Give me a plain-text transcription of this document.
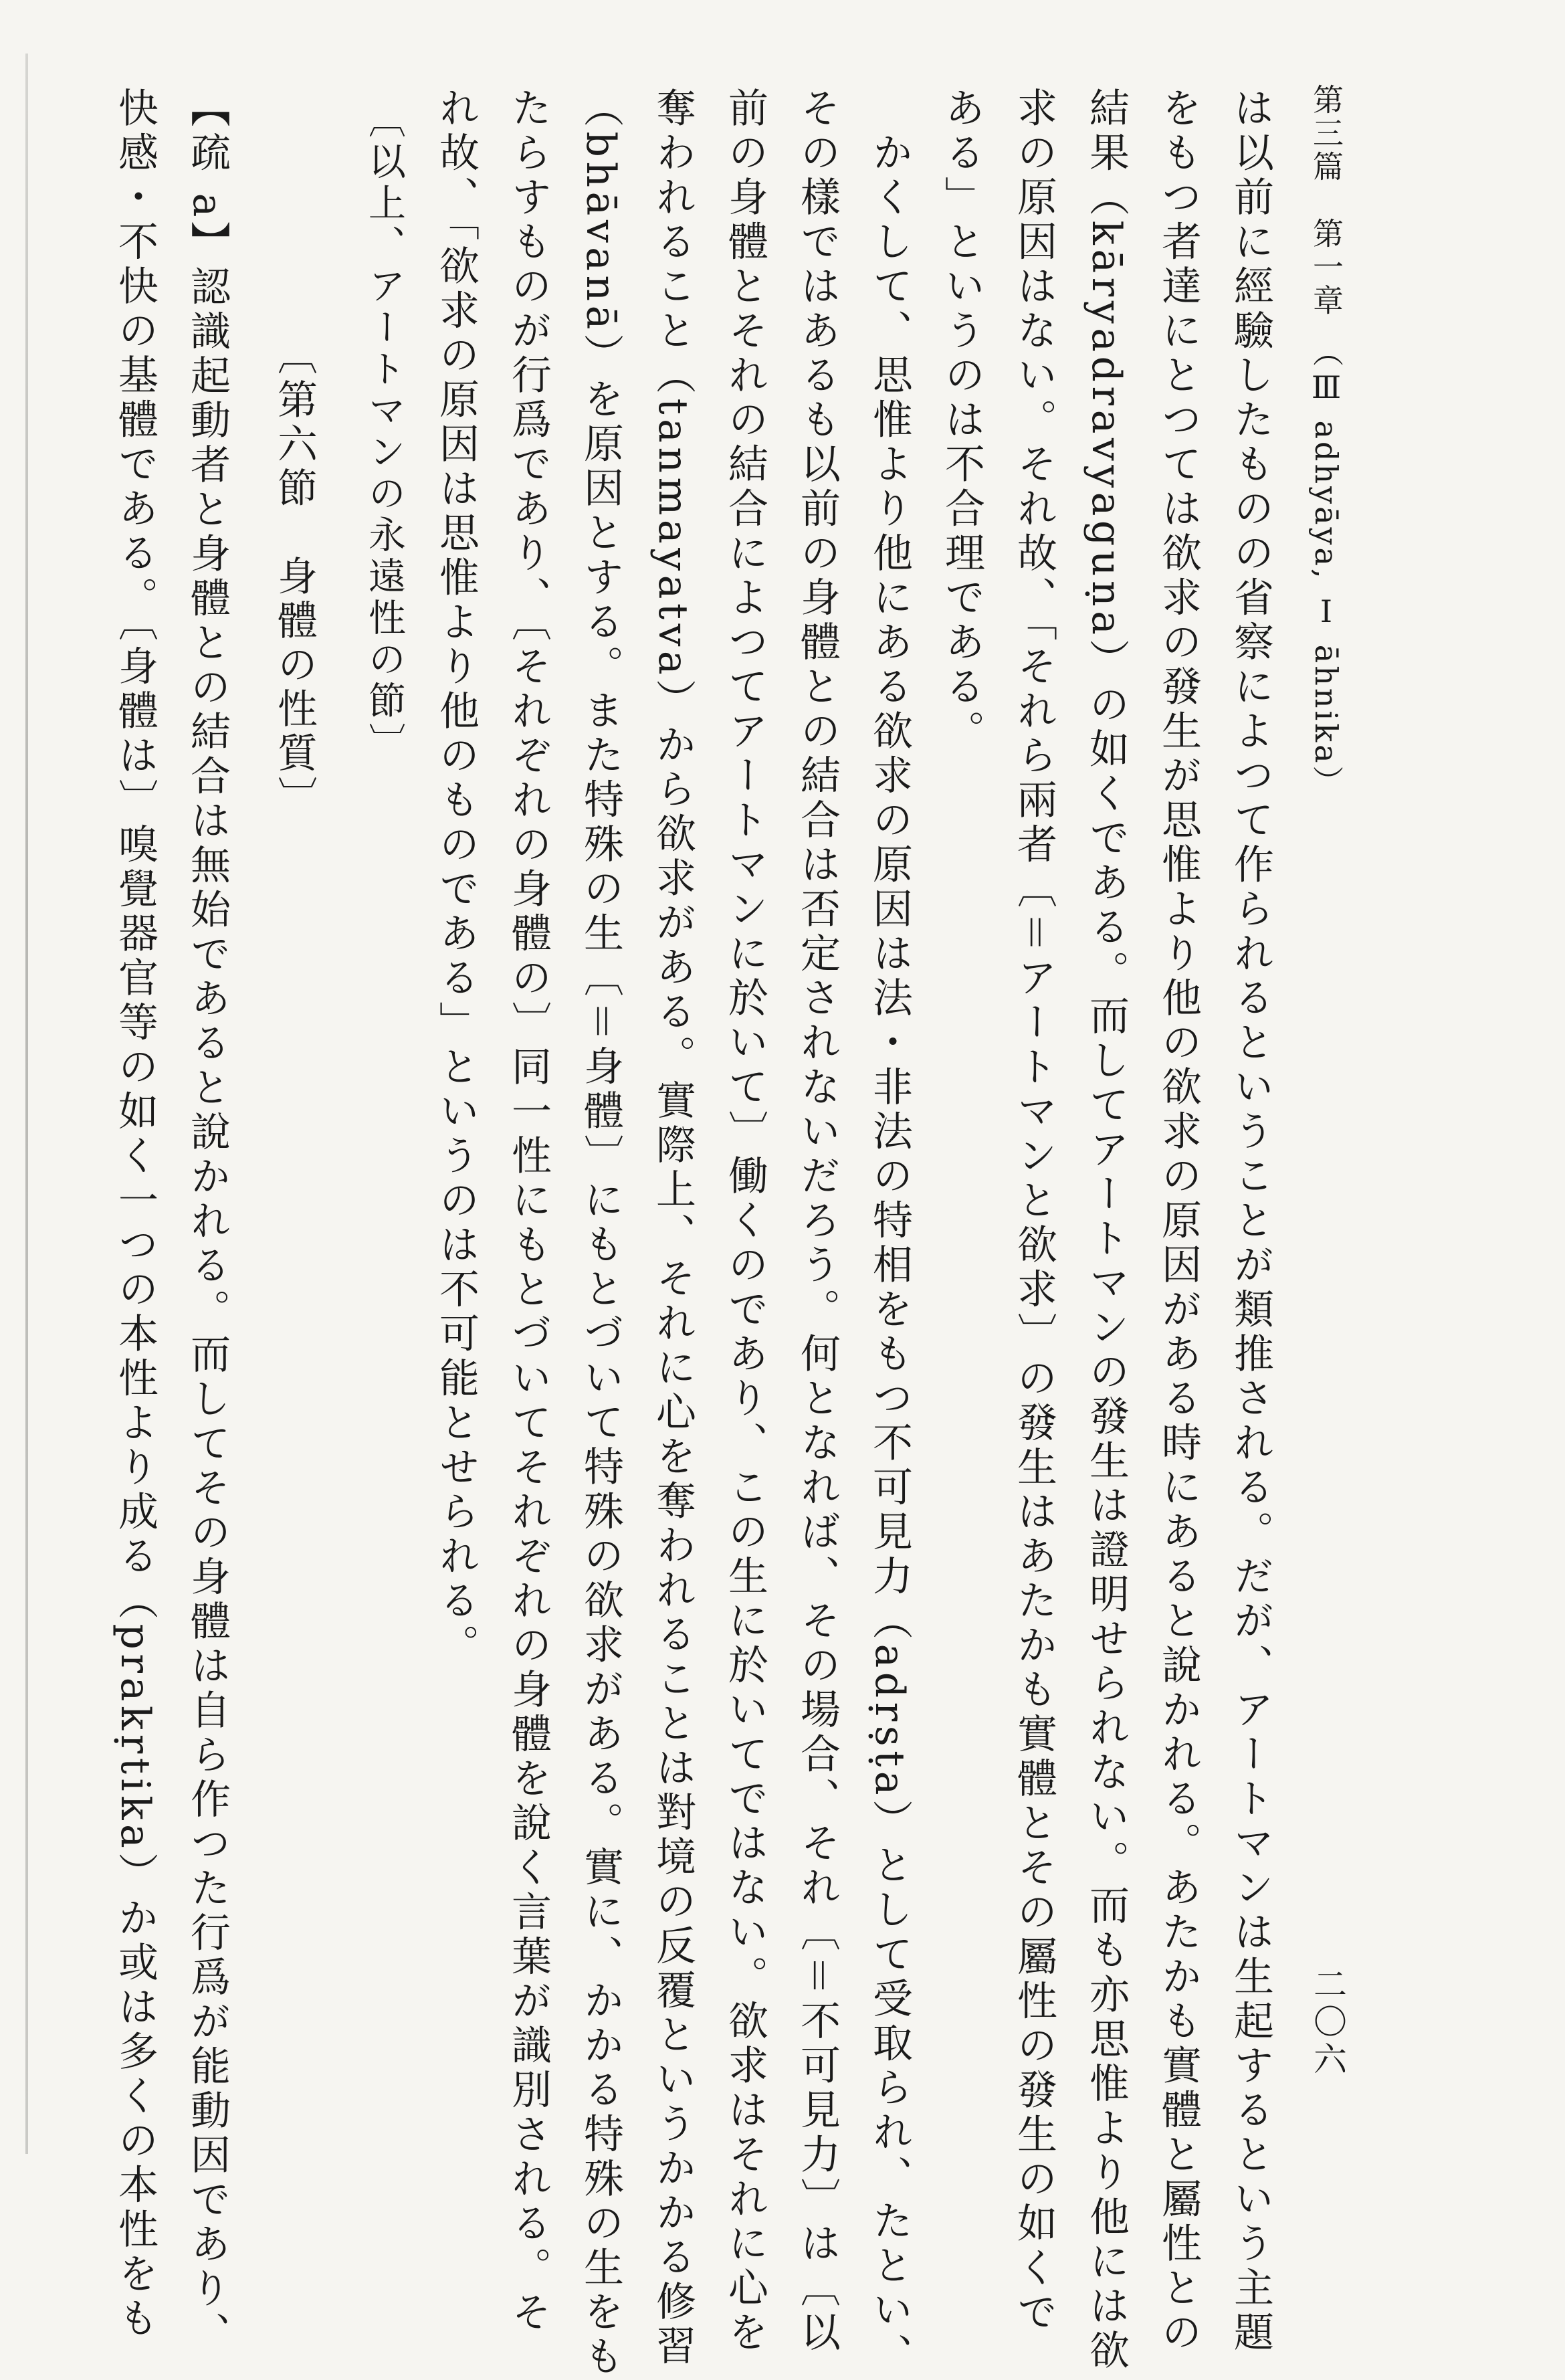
第三篇　第一章　（Ⅲ adhyāya, Ⅰ āhnika）
二〇六
は以前に經驗したものの省察によつて作られるということが類推される。だが、アートマンは生起するという主題
をもつ者達にとつては欲求の發生が思惟より他の欲求の原因がある時にあると說かれる。あたかも實體と屬性との
結果（kāryadravyaguṇa）の如くである。而してアートマンの發生は證明せられない。而も亦思惟より他には欲
求の原因はない。それ故、「それら兩者〔＝アートマンと欲求〕の發生はあたかも實體とその屬性の發生の如くで
ある」というのは不合理である。
　かくして、思惟より他にある欲求の原因は法・非法の特相をもつ不可見力（adṛṣṭa）として受取られ、たとい、
その樣ではあるも以前の身體との結合は否定されないだろう。何となれば、その場合、それ〔＝不可見力〕は〔以
前の身體とそれの結合によつてアートマンに於いて〕働くのであり、この生に於いてではない。欲求はそれに心を
奪われること（tanmayatva）から欲求がある。實際上、それに心を奪われることは對境の反覆というかかる修習
（bhāvanā）を原因とする。また特殊の生〔＝身體〕にもとづいて特殊の欲求がある。實に、かかる特殊の生をも
たらすものが行爲であり、〔それぞれの身體の〕同一性にもとづいてそれぞれの身體を說く言葉が識別される。そ
れ故、「欲求の原因は思惟より他のものである」というのは不可能とせられる。
〔以上、アートマンの永遠性の節〕
〔第六節　身體の性質〕
【疏 a】認識起動者と身體との結合は無始であると說かれる。而してその身體は自ら作つた行爲が能動因であり、
快感・不快の基體である。〔身體は〕嗅覺器官等の如く一つの本性より成る（prakṛtika）か或は多くの本性をも
